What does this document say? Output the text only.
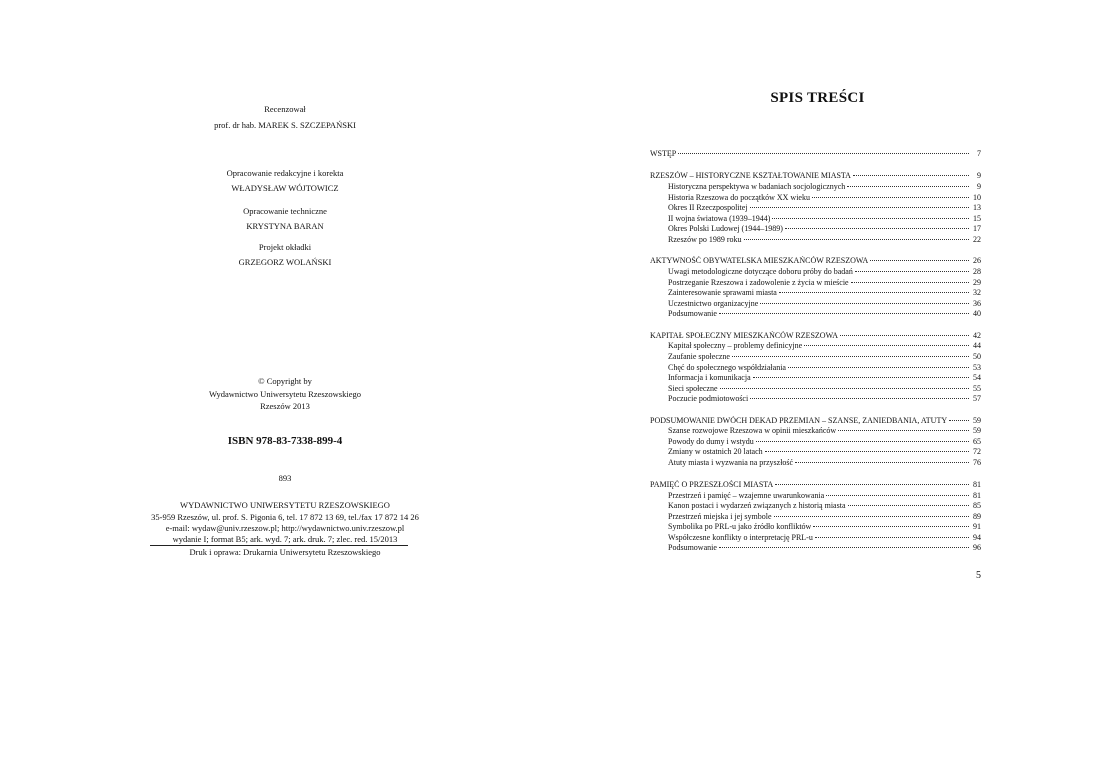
Recenzował
prof. dr hab. MAREK S. SZCZEPAŃSKI
Opracowanie redakcyjne i korekta
WŁADYSŁAW WÓJTOWICZ
Opracowanie techniczne
KRYSTYNA BARAN
Projekt okładki
GRZEGORZ WOLAŃSKI
© Copyright by
Wydawnictwo Uniwersytetu Rzeszowskiego
Rzeszów 2013
ISBN 978-83-7338-899-4
893
WYDAWNICTWO UNIWERSYTETU RZESZOWSKIEGO
35-959 Rzeszów, ul. prof. S. Pigonia 6, tel. 17 872 13 69, tel./fax 17 872 14 26
e-mail: wydaw@univ.rzeszow.pl; http://wydawnictwo.univ.rzeszow.pl
wydanie I; format B5; ark. wyd. 7; ark. druk. 7; zlec. red. 15/2013
Druk i oprawa: Drukarnia Uniwersytetu Rzeszowskiego
SPIS TREŚCI
WSTĘP	7
RZESZÓW – HISTORYCZNE KSZTAŁTOWANIE MIASTA	9
Historyczna perspektywa w badaniach socjologicznych	9
Historia Rzeszowa do początków XX wieku	10
Okres II Rzeczpospolitej	13
II wojna światowa (1939–1944)	15
Okres Polski Ludowej (1944–1989)	17
Rzeszów po 1989 roku	22
AKTYWNOŚĆ OBYWATELSKA MIESZKAŃCÓW RZESZOWA	26
Uwagi metodologiczne dotyczące doboru próby do badań	28
Postrzeganie Rzeszowa i zadowolenie z życia w mieście	29
Zainteresowanie sprawami miasta	32
Uczestnictwo organizacyjne	36
Podsumowanie	40
KAPITAŁ SPOŁECZNY MIESZKAŃCÓW RZESZOWA	42
Kapitał społeczny – problemy definicyjne	44
Zaufanie społeczne	50
Chęć do społecznego współdziałania	53
Informacja i komunikacja	54
Sieci społeczne	55
Poczucie podmiotowości	57
PODSUMOWANIE DWÓCH DEKAD PRZEMIAN – SZANSE, ZANIEDBANIA, ATUTY	59
Szanse rozwojowe Rzeszowa w opinii mieszkańców	59
Powody do dumy i wstydu	65
Zmiany w ostatnich 20 latach	72
Atuty miasta i wyzwania na przyszłość	76
PAMIĘĆ O PRZESZŁOŚCI MIASTA	81
Przestrzeń i pamięć – wzajemne uwarunkowania	81
Kanon postaci i wydarzeń związanych z historią miasta	85
Przestrzeń miejska i jej symbole	89
Symbolika po PRL-u jako źródło konfliktów	91
Współczesne konflikty o interpretację PRL-u	94
Podsumowanie	96
5
